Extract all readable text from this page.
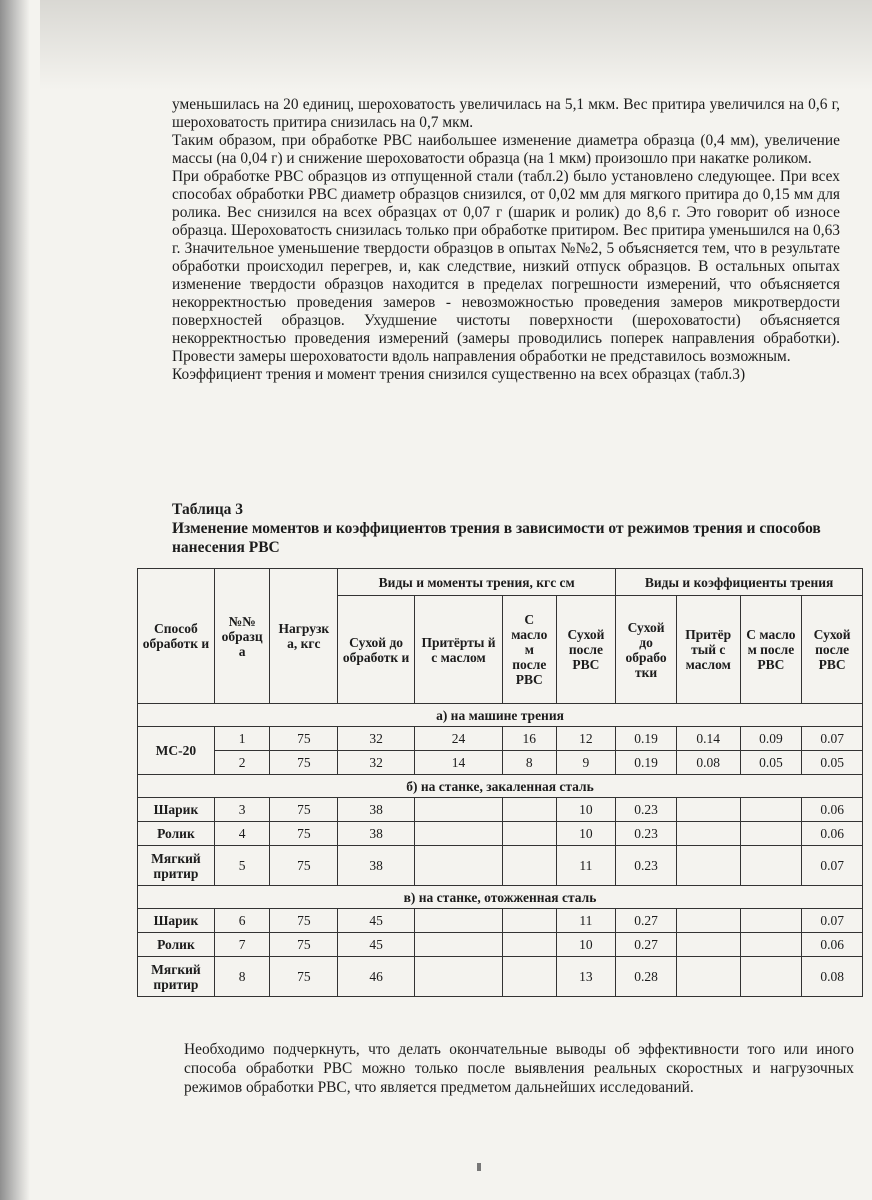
уменьшилась на 20 единиц, шероховатость увеличилась на 5,1 мкм. Вес притира увеличился на 0,6 г, шероховатость притира снизилась на 0,7 мкм.

Таким образом, при обработке РВС наибольшее изменение диаметра образца (0,4 мм), увеличение массы (на 0,04 г) и снижение шероховатости образца (на 1 мкм) произошло при накатке роликом.

При обработке РВС образцов из отпущенной стали (табл.2) было установлено следующее. При всех способах обработки РВС диаметр образцов снизился, от 0,02 мм для мягкого притира до 0,15 мм для ролика. Вес снизился на всех образцах от 0,07 г (шарик и ролик) до 8,6 г. Это говорит об износе образца. Шероховатость снизилась только при обработке притиром. Вес притира уменьшился на 0,63 г. Значительное уменьшение твердости образцов в опытах №№2, 5 объясняется тем, что в результате обработки происходил перегрев, и, как следствие, низкий отпуск образцов. В остальных опытах изменение твердости образцов находится в пределах погрешности измерений, что объясняется некорректностью проведения замеров - невозможностью проведения замеров микротвердости поверхностей образцов. Ухудшение чистоты поверхности (шероховатости) объясняется некорректностью проведения измерений (замеры проводились поперек направления обработки). Провести замеры шероховатости вдоль направления обработки не представилось возможным.

Коэффициент трения и момент трения снизился существенно на всех образцах (табл.3)

Таблица 3

Изменение моментов и коэффициентов трения в зависимости от режимов трения и способов нанесения РВС

Способ обработк и	№№ образц а	Нагрузк а, кгс	Виды и моменты трения, кгс см				Виды и коэффициенты трения			
			Сухой до обработк и	Притёрты й с маслом	С масло м после РВС	Сухой после РВС	Сухой до обрабо тки	Притёр тый с маслом	С масло м после РВС	Сухой после РВС
а) на машине трения										
МС-20	1	75	32	24	16	12	0.19	0.14	0.09	0.07
	2	75	32	14	8	9	0.19	0.08	0.05	0.05
б) на станке, закаленная сталь										
Шарик	3	75	38			10	0.23			0.06
Ролик	4	75	38			10	0.23			0.06
Мягкий притир	5	75	38			11	0.23			0.07
в) на станке, отожженная сталь										
Шарик	6	75	45			11	0.27			0.07
Ролик	7	75	45			10	0.27			0.06
Мягкий притир	8	75	46			13	0.28			0.08

Необходимо подчеркнуть, что делать окончательные выводы об эффективности того или иного способа обработки РВС можно только после выявления реальных скоростных и нагрузочных режимов обработки РВС, что является предметом дальнейших исследований.
